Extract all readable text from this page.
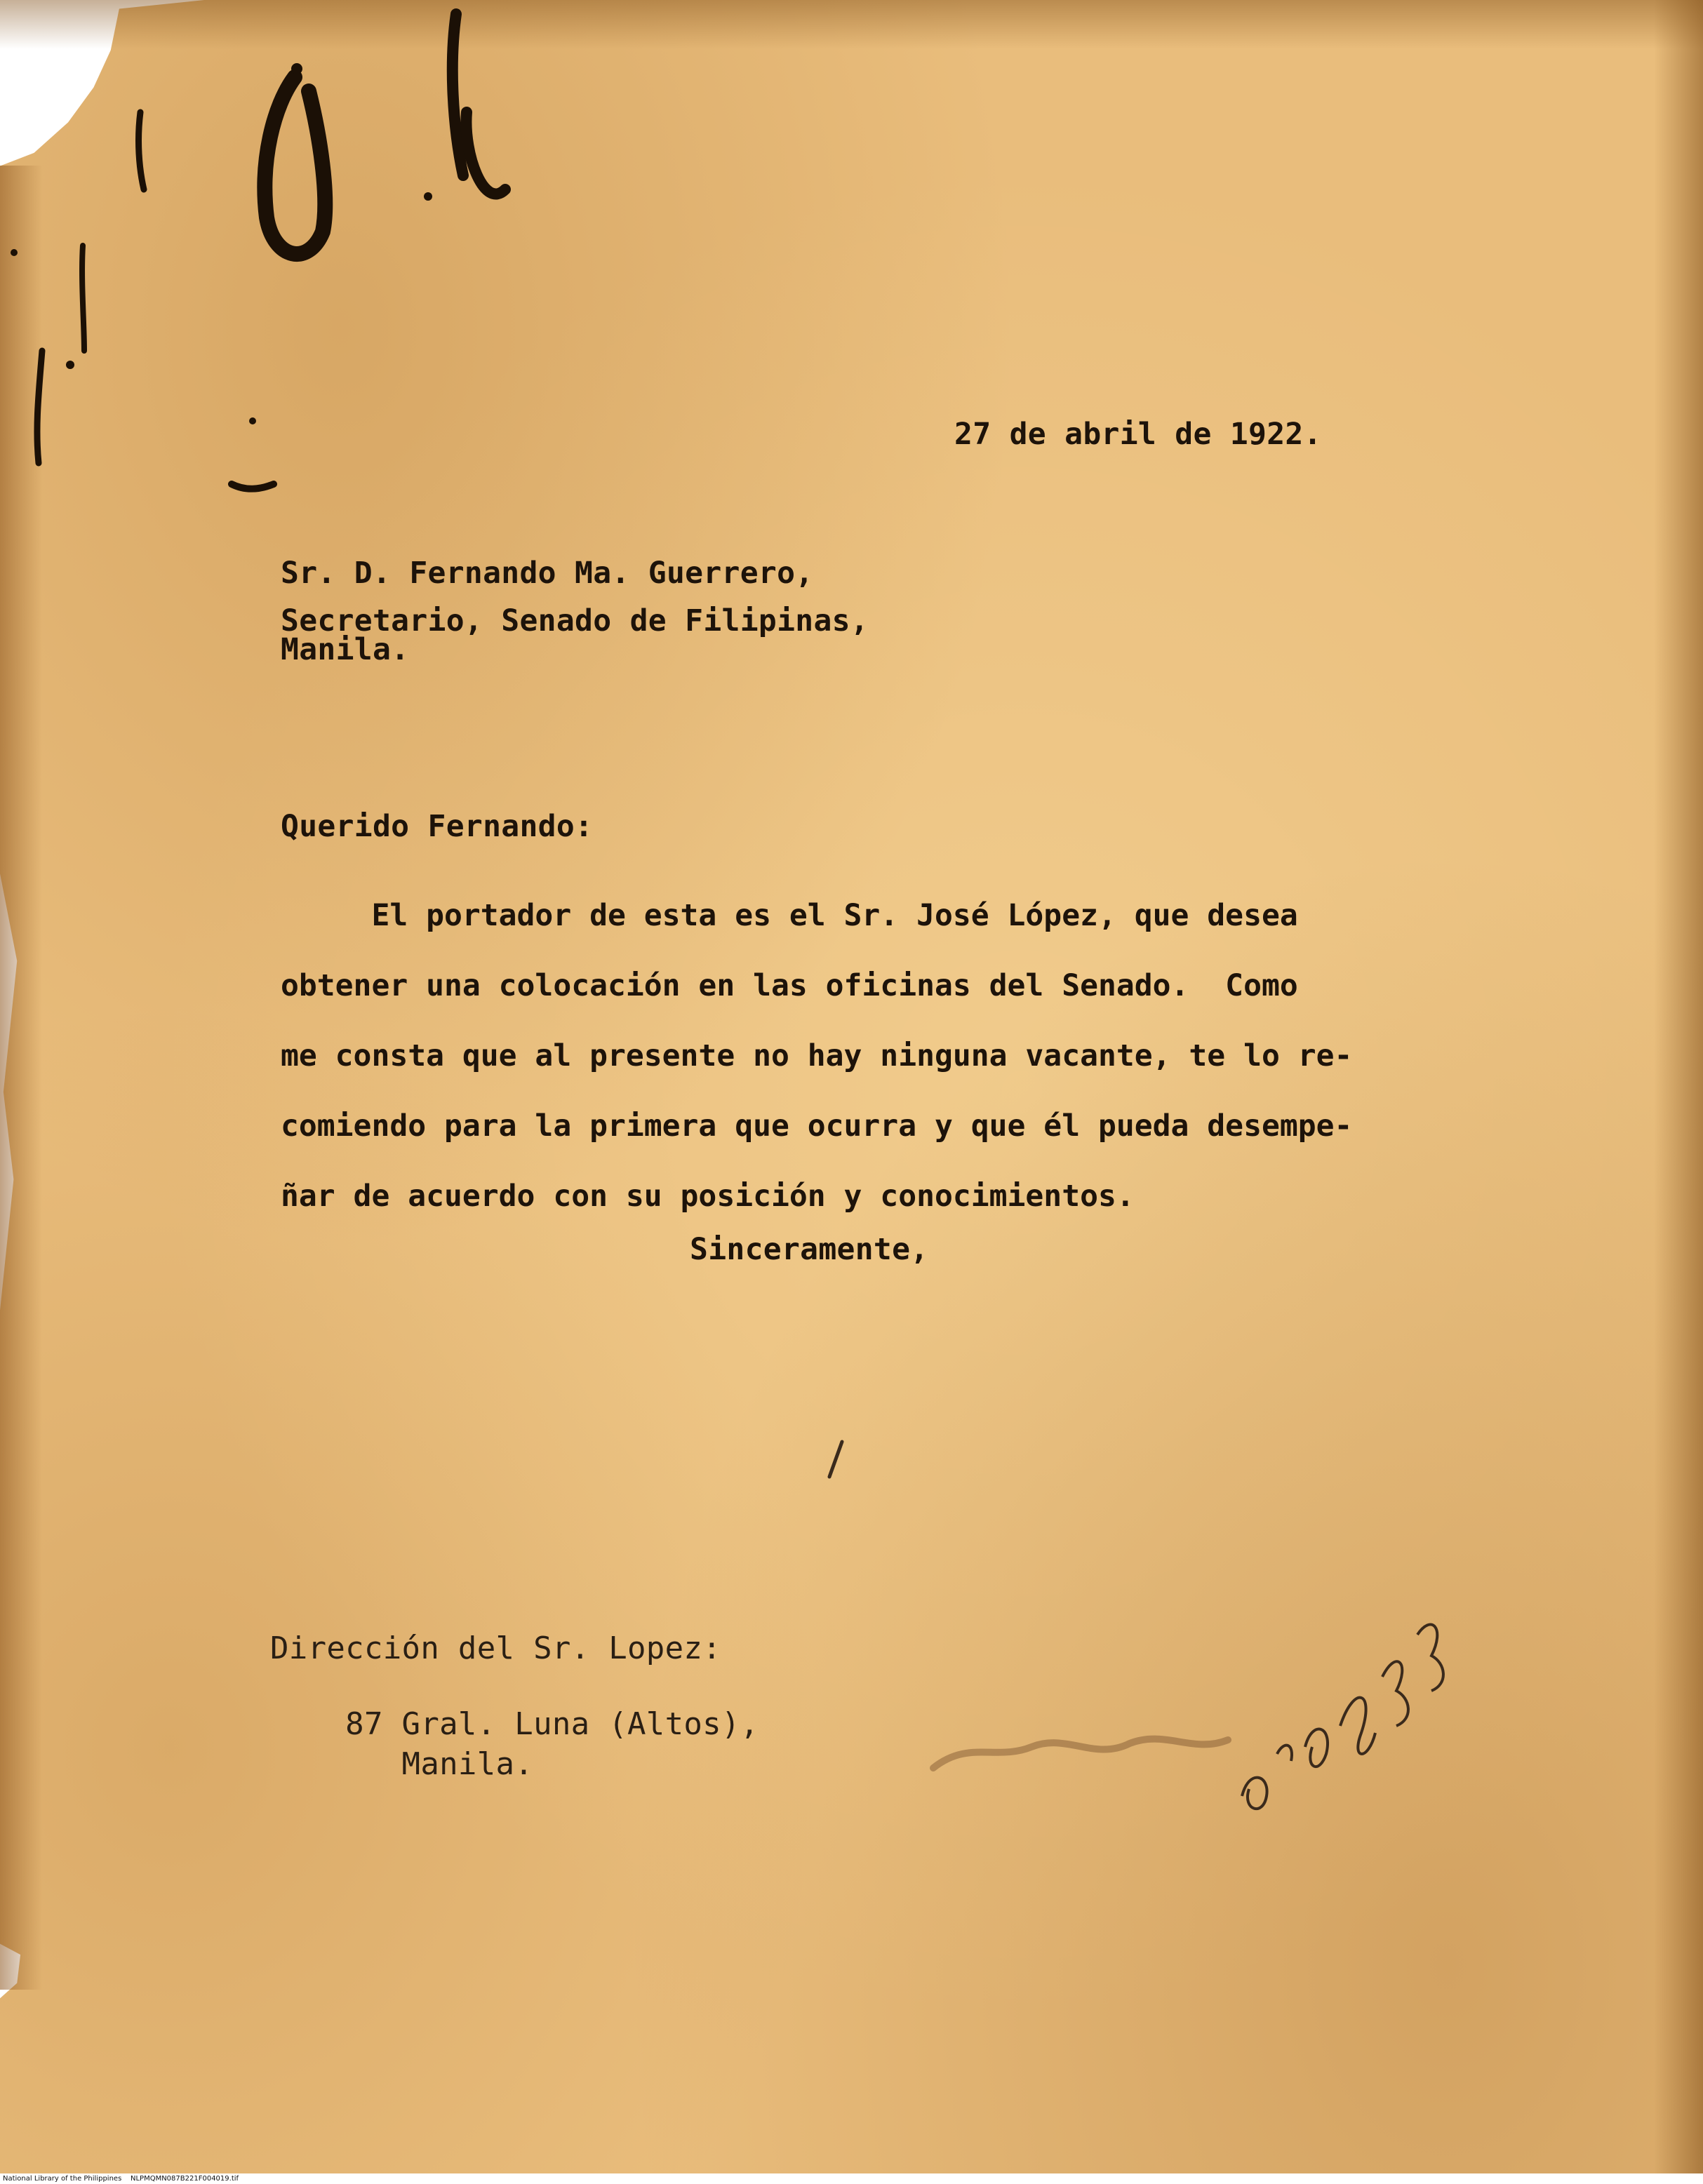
27 de abril de 1922.
Sr. D. Fernando Ma. Guerrero,
Secretario, Senado de Filipinas,
Manila.
Querido Fernando:

El portador de esta es el Sr. José López, que desea

obtener una colocación en las oficinas del Senado.  Como

me consta que al presente no hay ninguna vacante, te lo re-

comiendo para la primera que ocurra y que él pueda desempe-

ñar de acuerdo con su posición y conocimientos.

Sinceramente,
Dirección del Sr. Lopez:
87 Gral. Luna (Altos),
Manila.
National Library of the Philippines    NLPMQMN087B221F004019.tif
